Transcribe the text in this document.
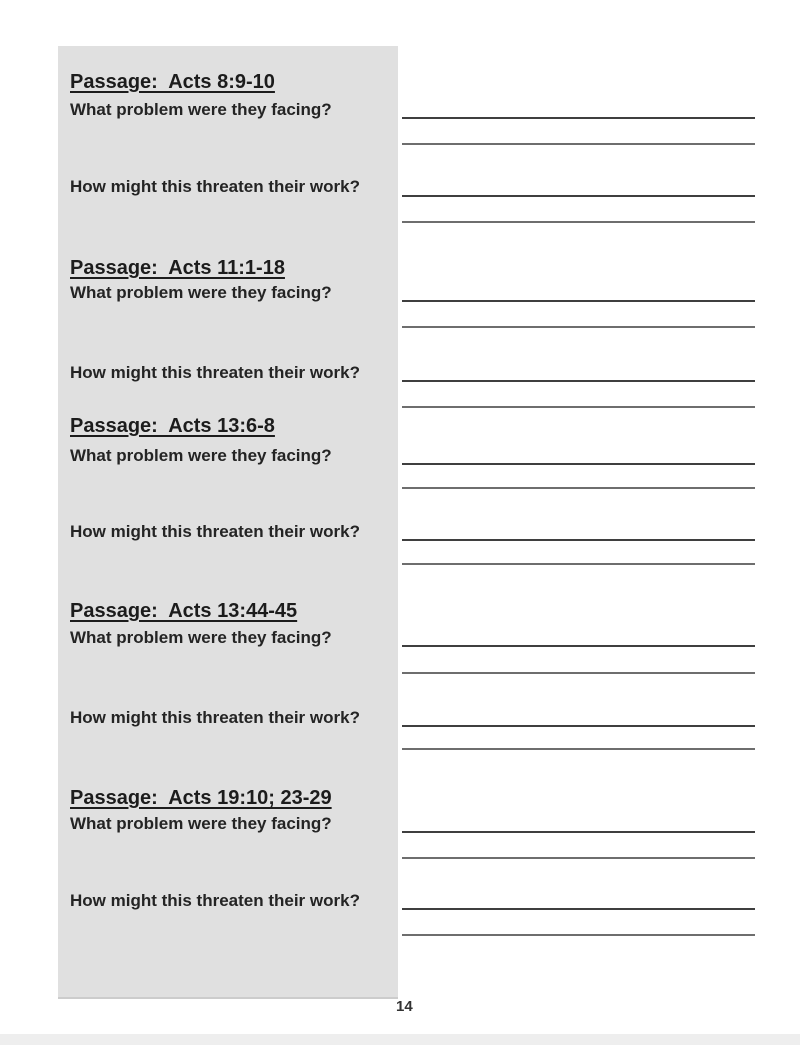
Passage:  Acts 8:9-10
What problem were they facing?
How might this threaten their work?
Passage:  Acts 11:1-18
What problem were they facing?
How might this threaten their work?
Passage:  Acts 13:6-8
What problem were they facing?
How might this threaten their work?
Passage:  Acts 13:44-45
What problem were they facing?
How might this threaten their work?
Passage:  Acts 19:10; 23-29
What problem were they facing?
How might this threaten their work?
14
